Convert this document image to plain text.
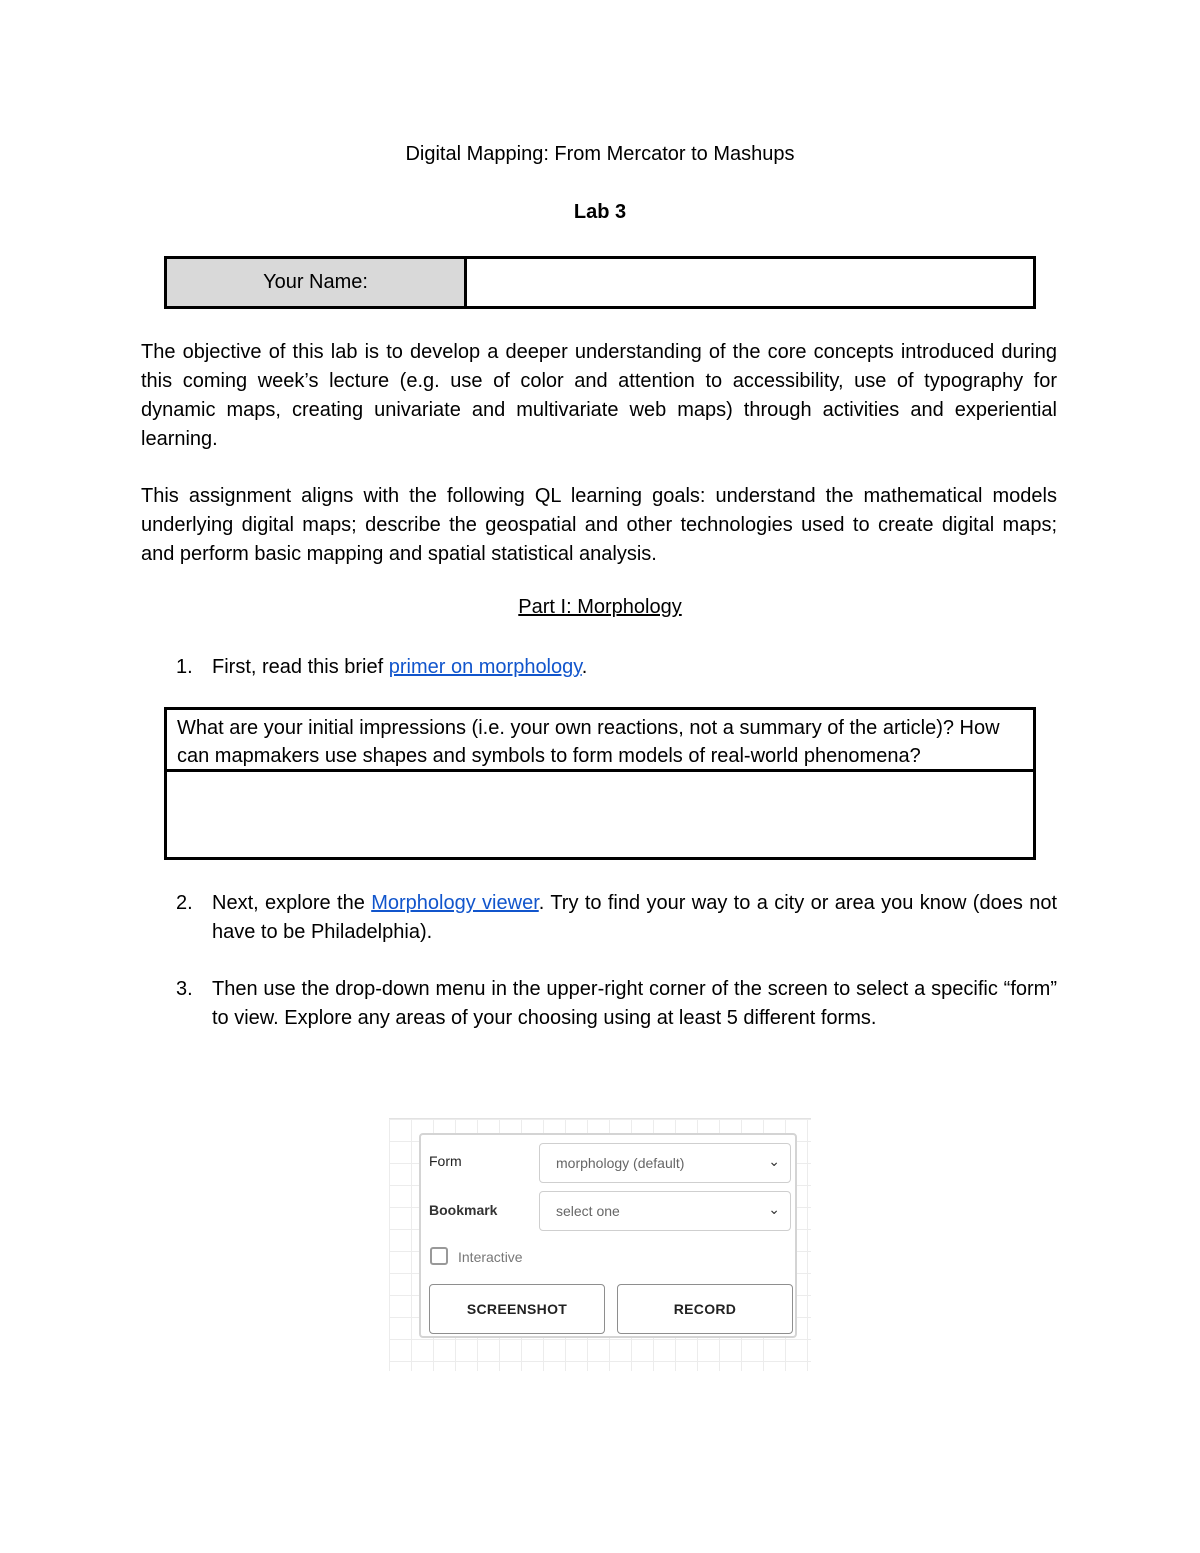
Digital Mapping: From Mercator to Mashups
Lab 3
Your Name:

The objective of this lab is to develop a deeper understanding of the core concepts introduced during this coming week’s lecture (e.g. use of color and attention to accessibility, use of typography for dynamic maps, creating univariate and multivariate web maps) through activities and experiential learning.

This assignment aligns with the following QL learning goals: understand the mathematical models underlying digital maps; describe the geospatial and other technologies used to create digital maps; and perform basic mapping and spatial statistical analysis.

Part I: Morphology
1. First, read this brief primer on morphology.
What are your initial impressions (i.e. your own reactions, not a summary of the article)? How can mapmakers use shapes and symbols to form models of real-world phenomena?
2. Next, explore the Morphology viewer. Try to find your way to a city or area you know (does not have to be Philadelphia).
3. Then use the drop-down menu in the upper-right corner of the screen to select a specific “form” to view. Explore any areas of your choosing using at least 5 different forms.
Form	morphology (default)	⌄
Bookmark	select one	⌄
Interactive
SCREENSHOT	RECORD
